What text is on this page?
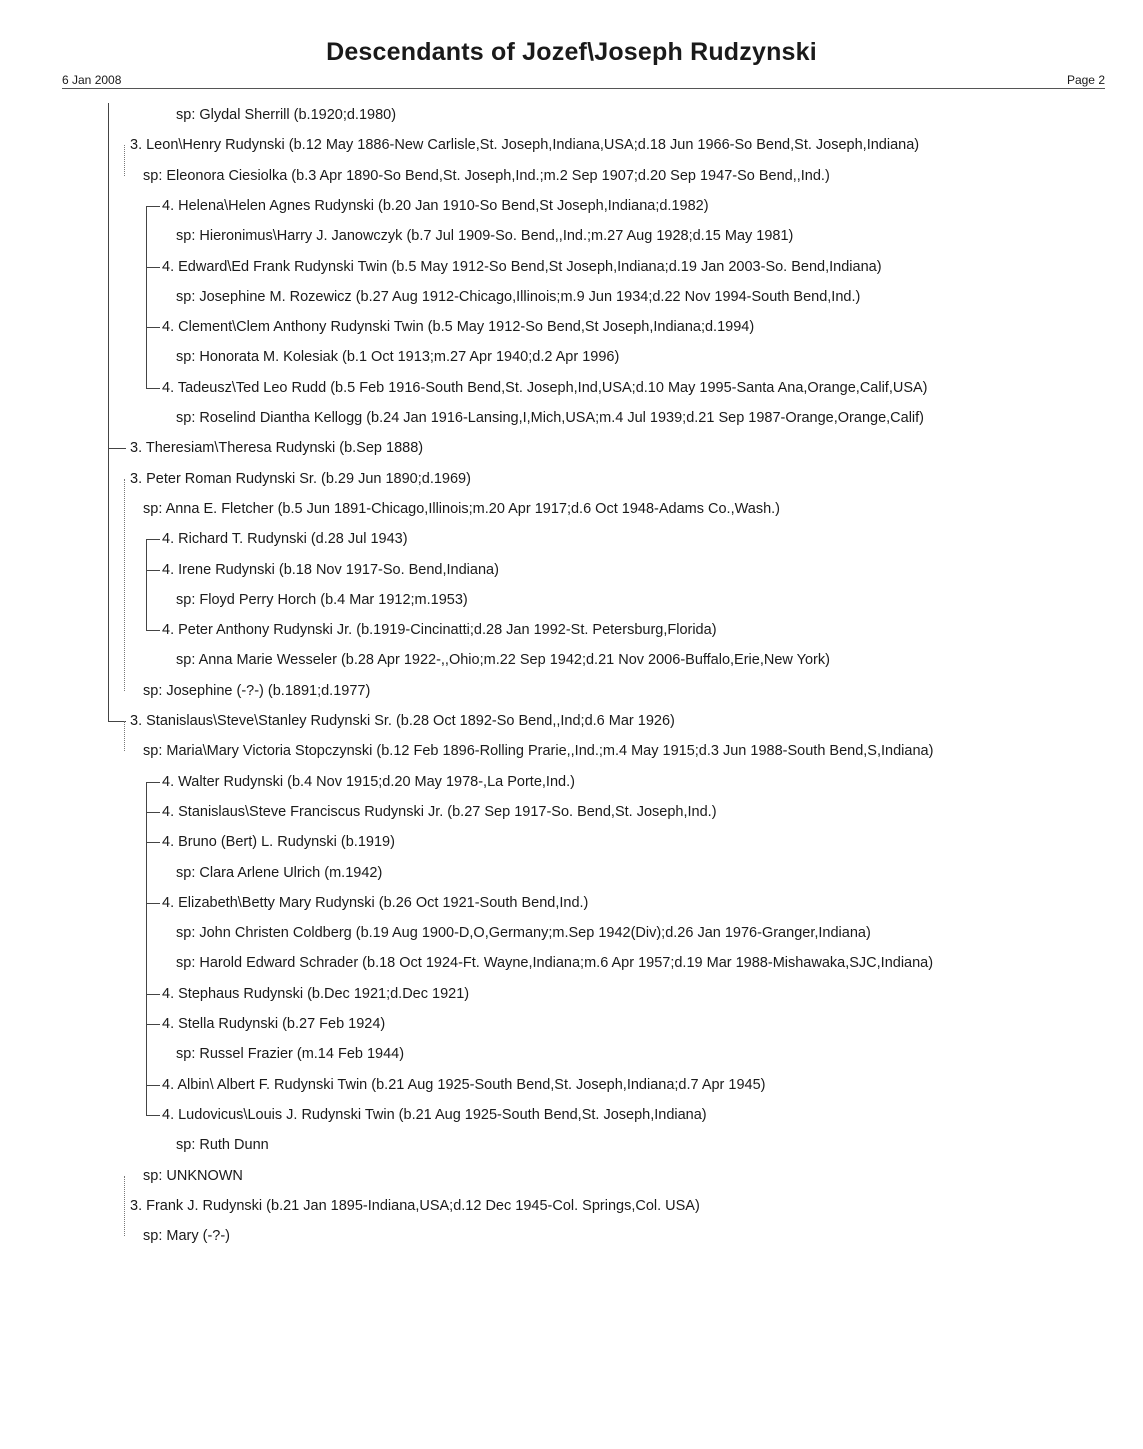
Descendants of Jozef\Joseph Rudzynski
6 Jan 2008	Page 2
sp: Glydal Sherrill (b.1920;d.1980)
3. Leon\Henry Rudynski (b.12 May 1886-New Carlisle,St. Joseph,Indiana,USA;d.18 Jun 1966-So Bend,St. Joseph,Indiana)
sp: Eleonora Ciesiolka (b.3 Apr 1890-So Bend,St. Joseph,Ind.;m.2 Sep 1907;d.20 Sep 1947-So Bend,,Ind.)
4. Helena\Helen Agnes Rudynski (b.20 Jan 1910-So Bend,St Joseph,Indiana;d.1982)
sp: Hieronimus\Harry J. Janowczyk (b.7 Jul 1909-So. Bend,,Ind.;m.27 Aug 1928;d.15 May 1981)
4. Edward\Ed Frank Rudynski Twin (b.5 May 1912-So Bend,St Joseph,Indiana;d.19 Jan 2003-So. Bend,Indiana)
sp: Josephine M. Rozewicz (b.27 Aug 1912-Chicago,Illinois;m.9 Jun 1934;d.22 Nov 1994-South Bend,Ind.)
4. Clement\Clem Anthony Rudynski Twin (b.5 May 1912-So Bend,St Joseph,Indiana;d.1994)
sp: Honorata M. Kolesiak (b.1 Oct 1913;m.27 Apr 1940;d.2 Apr 1996)
4. Tadeusz\Ted Leo Rudd (b.5 Feb 1916-South Bend,St. Joseph,Ind,USA;d.10 May 1995-Santa Ana,Orange,Calif,USA)
sp: Roselind Diantha Kellogg (b.24 Jan 1916-Lansing,I,Mich,USA;m.4 Jul 1939;d.21 Sep 1987-Orange,Orange,Calif)
3. Theresiam\Theresa Rudynski (b.Sep 1888)
3. Peter Roman Rudynski Sr. (b.29 Jun 1890;d.1969)
sp: Anna E. Fletcher (b.5 Jun 1891-Chicago,Illinois;m.20 Apr 1917;d.6 Oct 1948-Adams Co.,Wash.)
4. Richard T. Rudynski (d.28 Jul 1943)
4. Irene Rudynski (b.18 Nov 1917-So. Bend,Indiana)
sp: Floyd Perry Horch (b.4 Mar 1912;m.1953)
4. Peter Anthony Rudynski Jr. (b.1919-Cincinatti;d.28 Jan 1992-St. Petersburg,Florida)
sp: Anna Marie Wesseler (b.28 Apr 1922-,,Ohio;m.22 Sep 1942;d.21 Nov 2006-Buffalo,Erie,New York)
sp: Josephine (-?-) (b.1891;d.1977)
3. Stanislaus\Steve\Stanley Rudynski Sr. (b.28 Oct 1892-So Bend,,Ind;d.6 Mar 1926)
sp: Maria\Mary Victoria Stopczynski (b.12 Feb 1896-Rolling Prarie,,Ind.;m.4 May 1915;d.3 Jun 1988-South Bend,S,Indiana)
4. Walter Rudynski (b.4 Nov 1915;d.20 May 1978-,La Porte,Ind.)
4. Stanislaus\Steve Franciscus Rudynski Jr. (b.27 Sep 1917-So. Bend,St. Joseph,Ind.)
4. Bruno (Bert) L. Rudynski (b.1919)
sp: Clara Arlene Ulrich (m.1942)
4. Elizabeth\Betty Mary Rudynski (b.26 Oct 1921-South Bend,Ind.)
sp: John Christen Coldberg (b.19 Aug 1900-D,O,Germany;m.Sep 1942(Div);d.26 Jan 1976-Granger,Indiana)
sp: Harold Edward Schrader (b.18 Oct 1924-Ft. Wayne,Indiana;m.6 Apr 1957;d.19 Mar 1988-Mishawaka,SJC,Indiana)
4. Stephaus Rudynski (b.Dec 1921;d.Dec 1921)
4. Stella Rudynski (b.27 Feb 1924)
sp: Russel Frazier (m.14 Feb 1944)
4. Albin\ Albert F. Rudynski Twin (b.21 Aug 1925-South Bend,St. Joseph,Indiana;d.7 Apr 1945)
4. Ludovicus\Louis J. Rudynski Twin (b.21 Aug 1925-South Bend,St. Joseph,Indiana)
sp: Ruth Dunn
sp: UNKNOWN
3. Frank J. Rudynski (b.21 Jan 1895-Indiana,USA;d.12 Dec 1945-Col. Springs,Col. USA)
sp: Mary (-?-)
